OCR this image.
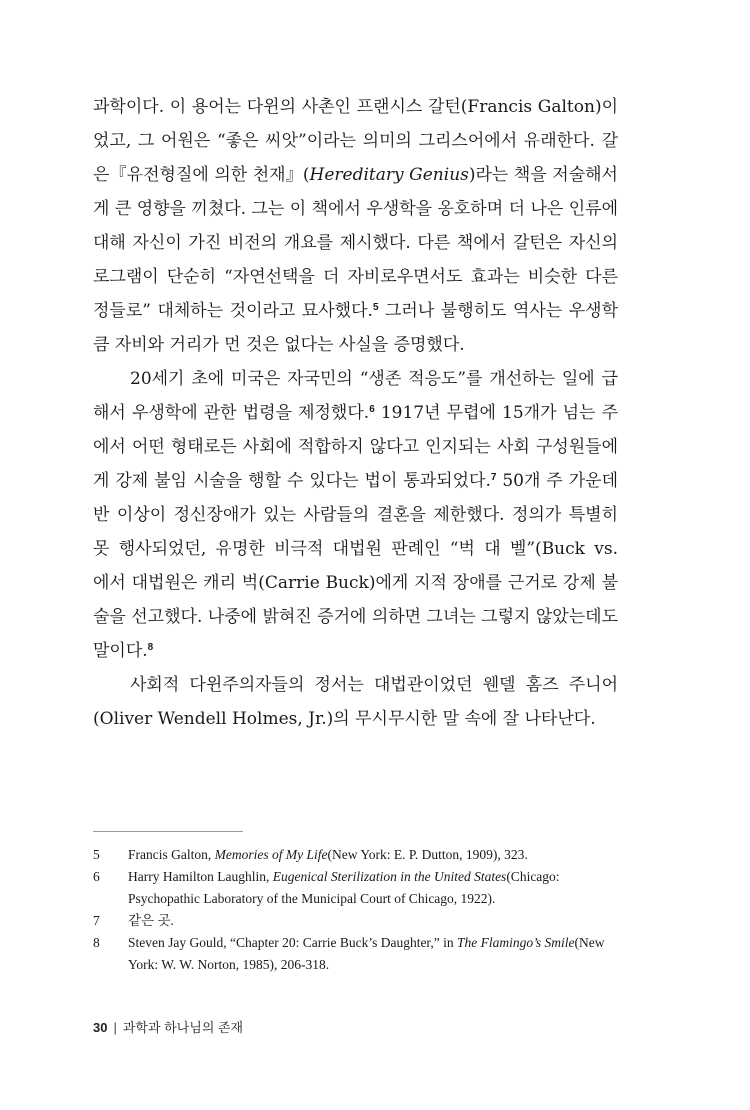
과학이다. 이 용어는 다윈의 사촌인 프랜시스 갈턴(Francis Galton)이
었고, 그 어원은 “좋은 씨앗”이라는 의미의 그리스어에서 유래한다. 갈
은『유전형질에 의한 천재』(Hereditary Genius)라는 책을 저술해서
게 큰 영향을 끼쳤다. 그는 이 책에서 우생학을 옹호하며 더 나은 인류에
대해 자신이 가진 비전의 개요를 제시했다. 다른 책에서 갈턴은 자신의
로그램이 단순히 “자연선택을 더 자비로우면서도 효과는 비슷한 다른
정들로” 대체하는 것이라고 묘사했다.$^5$ 그러나 불행히도 역사는 우생학
큼 자비와 거리가 먼 것은 없다는 사실을 증명했다.
20세기 초에 미국은 자국민의 “생존 적응도”를 개선하는 일에 급
해서 우생학에 관한 법령을 제정했다.$^6$ 1917년 무렵에 15개가 넘는 주
에서 어떤 형태로든 사회에 적합하지 않다고 인지되는 사회 구성원들에
게 강제 불임 시술을 행할 수 있다는 법이 통과되었다.$^7$ 50개 주 가운데
반 이상이 정신장애가 있는 사람들의 결혼을 제한했다. 정의가 특별히
못 행사되었던, 유명한 비극적 대법원 판례인 “벅 대 벨”(Buck vs.
에서 대법원은 캐리 벅(Carrie Buck)에게 지적 장애를 근거로 강제 불
술을 선고했다. 나중에 밝혀진 증거에 의하면 그녀는 그렇지 않았는데도
말이다.$^8$
사회적 다윈주의자들의 정서는 대법관이었던 웬델 홈즈 주니어
(Oliver Wendell Holmes, Jr.)의 무시무시한 말 속에 잘 나타난다.
5	Francis Galton, Memories of My Life(New York: E. P. Dutton, 1909), 323.
6	Harry Hamilton Laughlin, Eugenical Sterilization in the United States(Chicago:
Psychopathic Laboratory of the Municipal Court of Chicago, 1922).
7	같은 곳.
8	Steven Jay Gould, “Chapter 20: Carrie Buck’s Daughter,” in The Flamingo’s Smile(New
York: W. W. Norton, 1985), 206-318.
30 | 과학과 하나님의 존재
